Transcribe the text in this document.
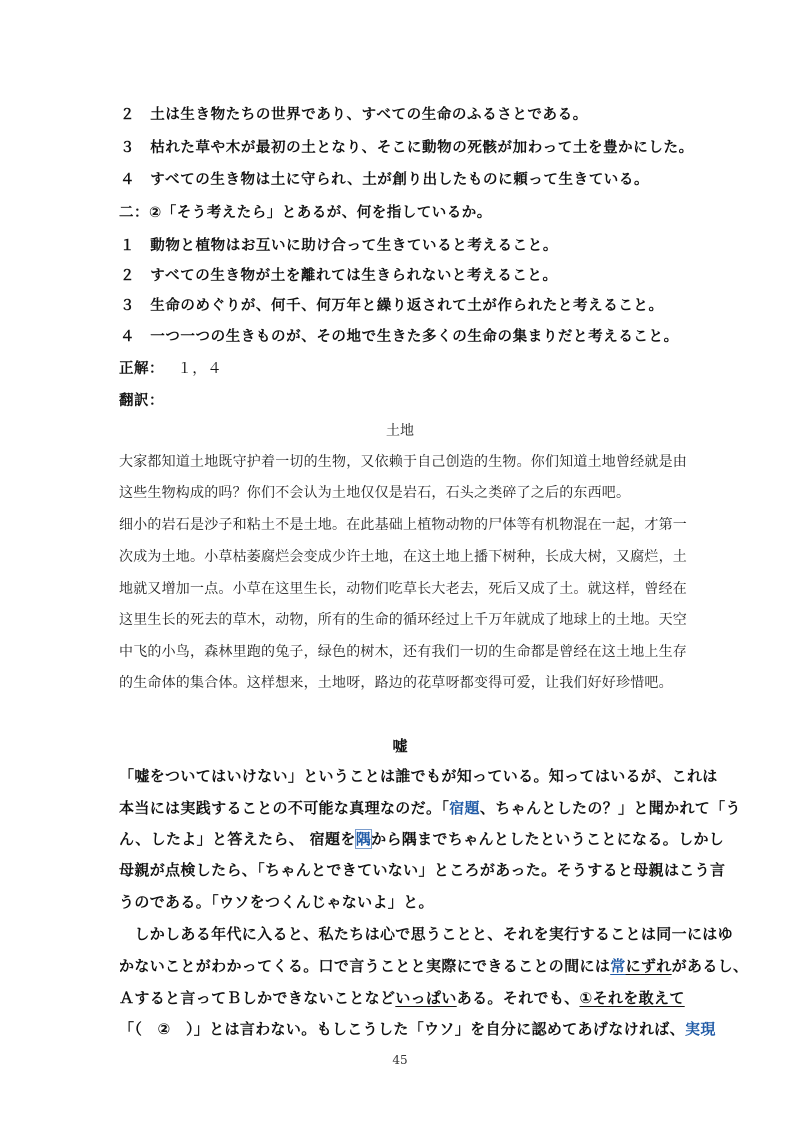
２　 土は生き物たちの世界であり、すべての生命のふるさとである。
３　 枯れた草や木が最初の土となり、そこに動物の死骸が加わって土を豊かにした。
４　 すべての生き物は土に守られ、土が創り出したものに頼って生きている。
二：②「そう考えたら」とあるが、何を指しているか。
１　 動物と植物はお互いに助け合って生きていると考えること。
２　 すべての生き物が土を離れては生きられないと考えること。
３　 生命のめぐりが、何千、何万年と繰り返されて土が作られたと考えること。
４　 一つ一つの生きものが、その地で生きた多くの生命の集まりだと考えること。
正解：　 １，４
翻訳：
土地
大家都知道土地既守护着一切的生物，又依赖于自己创造的生物。你们知道土地曾经就是由
这些生物构成的吗？你们不会认为土地仅仅是岩石，石头之类碎了之后的东西吧。
细小的岩石是沙子和粘土不是土地。在此基础上植物动物的尸体等有机物混在一起，才第一
次成为土地。小草枯萎腐烂会变成少许土地，在这土地上播下树种，长成大树，又腐烂，土
地就又增加一点。小草在这里生长，动物们吃草长大老去，死后又成了土。就这样，曾经在
这里生长的死去的草木，动物，所有的生命的循环经过上千万年就成了地球上的土地。天空
中飞的小鸟，森林里跑的兔子，绿色的树木，还有我们一切的生命都是曾经在这土地上生存
的生命体的集合体。这样想来，土地呀，路边的花草呀都变得可爱，让我们好好珍惜吧。
嘘
「嘘をついてはいけない」ということは誰でもが知っている。知ってはいるが、これは
本当には実践することの不可能な真理なのだ。「宿題、ちゃんとしたの？」と聞かれて「う
ん、したよ」と答えたら、 宿題を隅から隅までちゃんとしたということになる。しかし
母親が点検したら、「ちゃんとできていない」ところがあった。そうすると母親はこう言
うのである。「ウソをつくんじゃないよ」と。
　しかしある年代に入ると、私たちは心で思うことと、それを実行することは同一にはゆ
かないことがわかってくる。口で言うことと実際にできることの間には常にずれがあるし、
Ａすると言ってＢしかできないことなどいっぱいある。それでも、①それを敢えて
「（　②　）」とは言わない。もしこうした「ウソ」を自分に認めてあげなければ、実現
45
